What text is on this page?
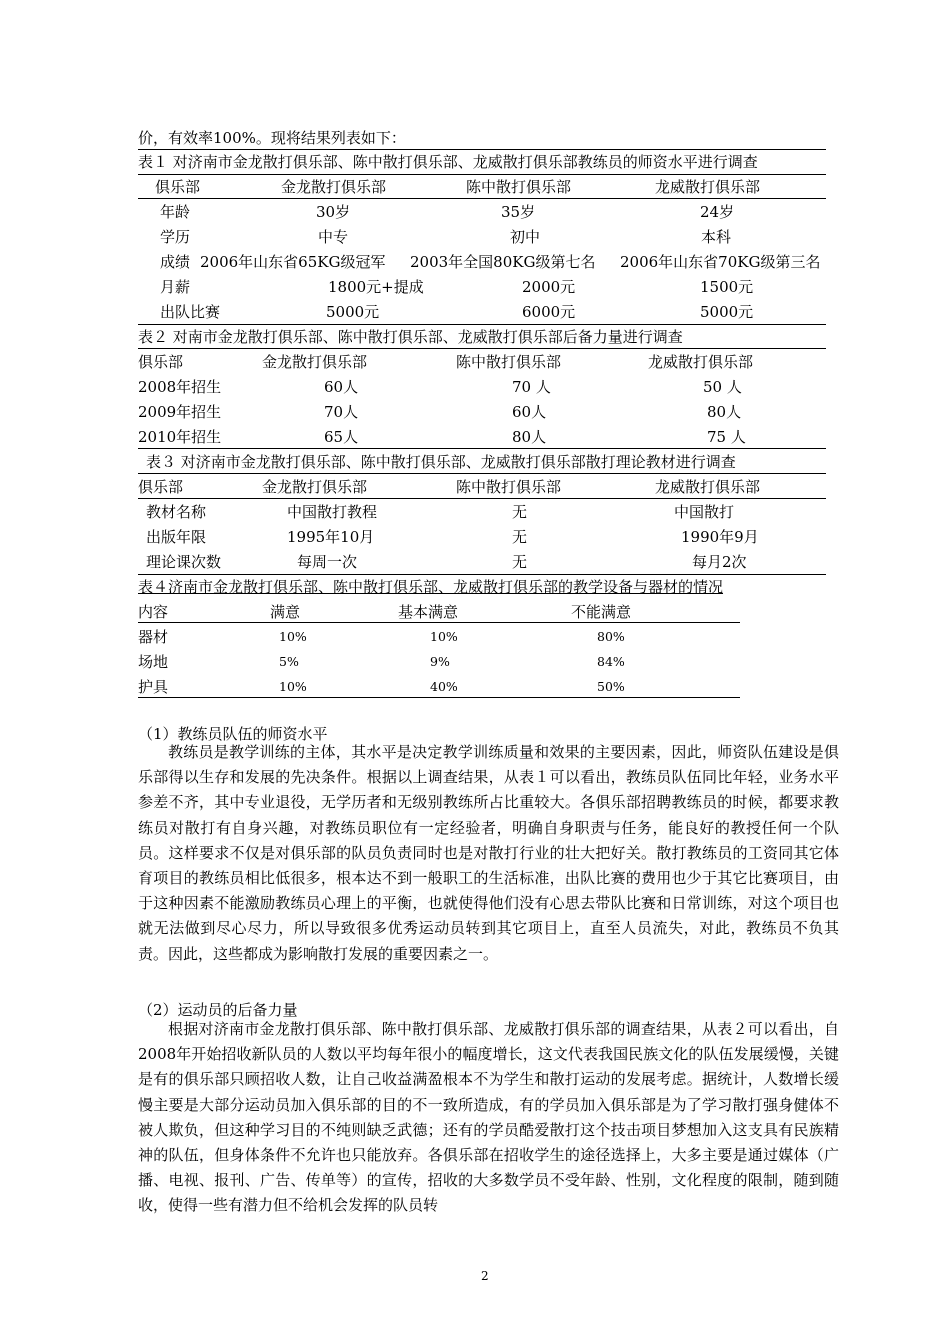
价，有效率100%。现将结果列表如下：
表１ 对济南市金龙散打俱乐部、陈中散打俱乐部、龙威散打俱乐部教练员的师资水平进行调查
俱乐部	金龙散打俱乐部	陈中散打俱乐部	龙威散打俱乐部
年龄	30岁	35岁	24岁
学历	中专	初中	本科
成绩 2006年山东省65KG级冠军 2003年全国80KG级第七名 2006年山东省70KG级第三名
月薪	1800元+提成	2000元	1500元
出队比赛	5000元	6000元	5000元
表２ 对南市金龙散打俱乐部、陈中散打俱乐部、龙威散打俱乐部后备力量进行调查
俱乐部	金龙散打俱乐部	陈中散打俱乐部	龙威散打俱乐部
2008年招生	60人	70 人	50 人
2009年招生	70人	60人	80人
2010年招生	65人	80人	75 人
表３ 对济南市金龙散打俱乐部、陈中散打俱乐部、龙威散打俱乐部散打理论教材进行调查
俱乐部	金龙散打俱乐部	陈中散打俱乐部	龙威散打俱乐部
教材名称	中国散打教程	无	中国散打
出版年限	1995年10月	无	1990年9月
理论课次数	每周一次	无	每月2次
表４济南市金龙散打俱乐部、陈中散打俱乐部、龙威散打俱乐部的教学设备与器材的情况
内容	满意	基本满意	不能满意
器材	10%	10%	80%
场地	5%	9%	84%
护具	10%	40%	50%
（1）教练员队伍的师资水平
教练员是教学训练的主体，其水平是决定教学训练质量和效果的主要因素，因此，师资队伍建设是俱乐部得以生存和发展的先决条件。根据以上调查结果，从表１可以看出，教练员队伍同比年轻，业务水平参差不齐，其中专业退役，无学历者和无级别教练所占比重较大。各俱乐部招聘教练员的时候，都要求教练员对散打有自身兴趣，对教练员职位有一定经验者，明确自身职责与任务，能良好的教授任何一个队员。这样要求不仅是对俱乐部的队员负责同时也是对散打行业的壮大把好关。散打教练员的工资同其它体育项目的教练员相比低很多，根本达不到一般职工的生活标准，出队比赛的费用也少于其它比赛项目，由于这种因素不能激励教练员心理上的平衡，也就使得他们没有心思去带队比赛和日常训练，对这个项目也就无法做到尽心尽力，所以导致很多优秀运动员转到其它项目上，直至人员流失，对此，教练员不负其责。因此，这些都成为影响散打发展的重要因素之一。
（2）运动员的后备力量
根据对济南市金龙散打俱乐部、陈中散打俱乐部、龙威散打俱乐部的调查结果，从表２可以看出，自2008年开始招收新队员的人数以平均每年很小的幅度增长，这文代表我国民族文化的队伍发展缓慢，关键是有的俱乐部只顾招收人数，让自己收益满盈根本不为学生和散打运动的发展考虑。据统计，人数增长缓慢主要是大部分运动员加入俱乐部的目的不一致所造成，有的学员加入俱乐部是为了学习散打强身健体不被人欺负，但这种学习目的不纯则缺乏武德；还有的学员酷爱散打这个技击项目梦想加入这支具有民族精神的队伍，但身体条件不允许也只能放弃。各俱乐部在招收学生的途径选择上，大多主要是通过媒体（广播、电视、报刊、广告、传单等）的宣传，招收的大多数学员不受年龄、性别，文化程度的限制，随到随收，使得一些有潜力但不给机会发挥的队员转
2
